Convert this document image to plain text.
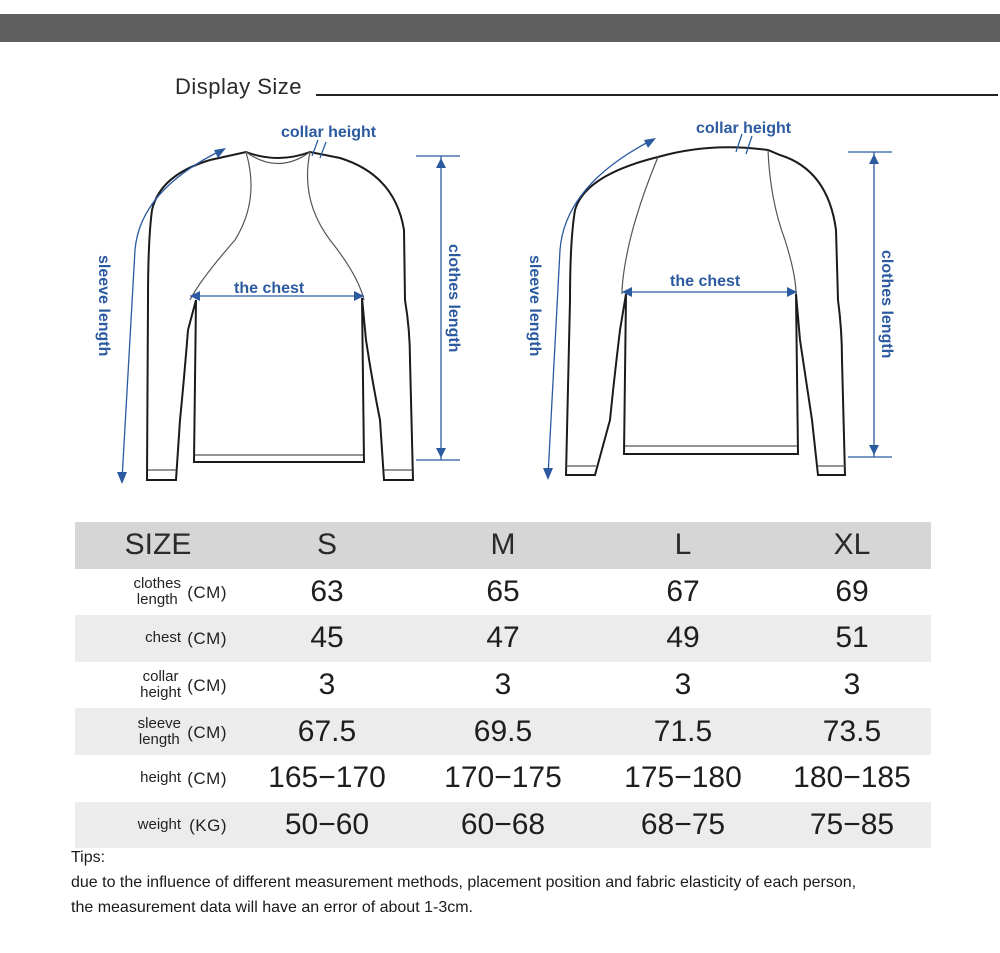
Display Size
collar height
the chest
sleeve length	clothes length
collar height
the chest
sleeve length	clothes length
SIZE	S	M	L	XL

clothes
length (CM)	63	65	67	69

chest (CM)	45	47	49	51

collar
height (CM)	3	3	3	3

sleeve
length (CM)	67.5	69.5	71.5	73.5

height (CM)	165−170	170−175	175−180	180−185

weight (KG)	50−60	60−68	68−75	75−85
Tips:
due to the influence of different measurement methods, placement position and fabric elasticity of each person,
the measurement data will have an error of about 1-3cm.
